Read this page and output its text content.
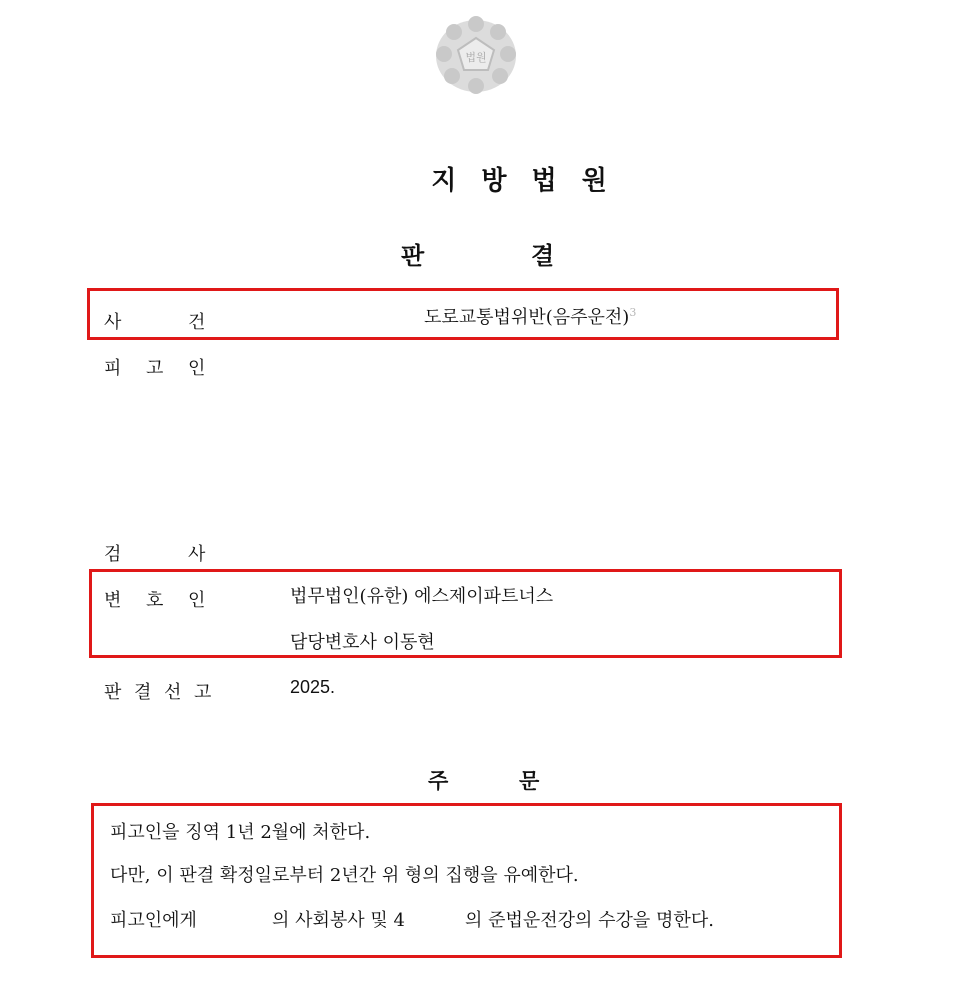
법원
지 방 법 원
판	결
사	건	도로교통법위반(음주운전)$^3$
피 고 인
검	사
변 호 인	법무법인(유한) 에스제이파트너스
담당변호사 이동현
판 결 선 고	2025.
주	문
피고인을 징역 1년 2월에 처한다.
다만, 이 판결 확정일로부터 2년간 위 형의 집행을 유예한다.
피고인에게	의 사회봉사 및 4	의 준법운전강의 수강을 명한다.
